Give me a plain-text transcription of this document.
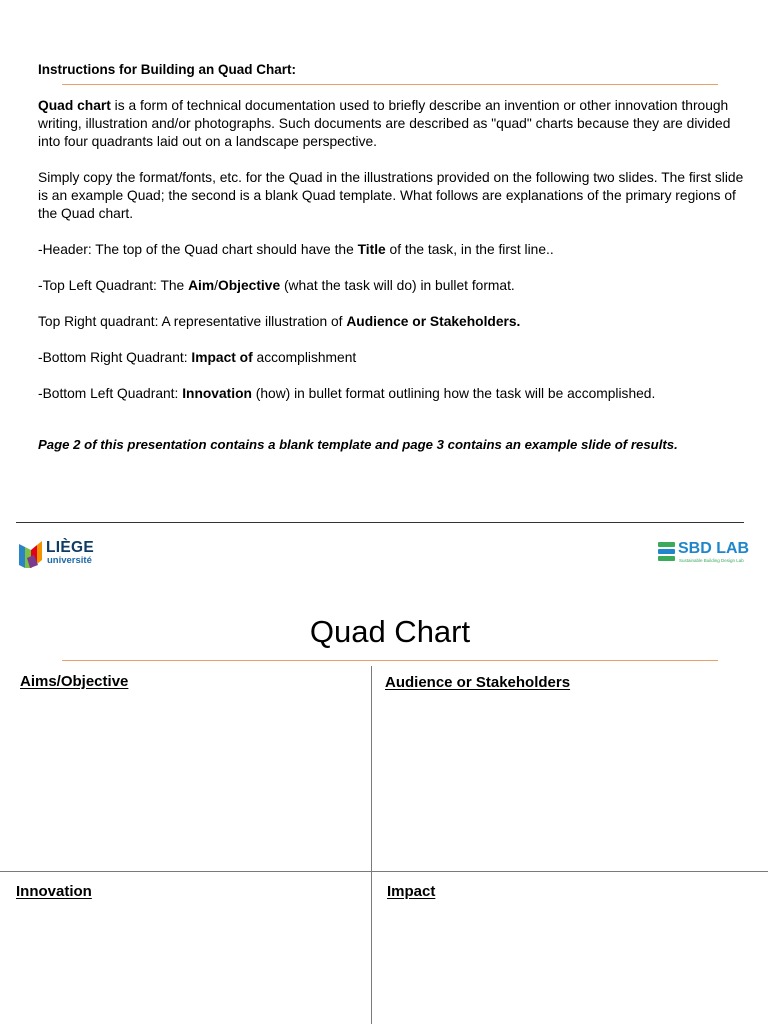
Instructions for Building an Quad Chart:
Quad chart is a form of technical documentation used to briefly describe an invention or other innovation through writing, illustration and/or photographs. Such documents are described as "quad" charts because they are divided into four quadrants laid out on a landscape perspective.
Simply copy the format/fonts, etc. for the Quad in the illustrations provided on the following two slides. The first slide is an example Quad; the second is a blank Quad template. What follows are explanations of the primary regions of the Quad chart.
-Header: The top of the Quad chart should have the Title of the task, in the first line..
-Top Left Quadrant: The Aim/Objective (what the task will do) in bullet format.
Top Right quadrant: A representative illustration of Audience or Stakeholders.
-Bottom Right Quadrant: Impact of accomplishment
-Bottom Left Quadrant: Innovation (how) in bullet format outlining how the task will be accomplished.
Page 2 of this presentation contains a blank template and page 3 contains an example slide of results.
LIÈGE
université
SBD LAB
Sustainable Building Design Lab
Quad Chart
Aims/Objective	Audience or Stakeholders
Innovation	Impact
